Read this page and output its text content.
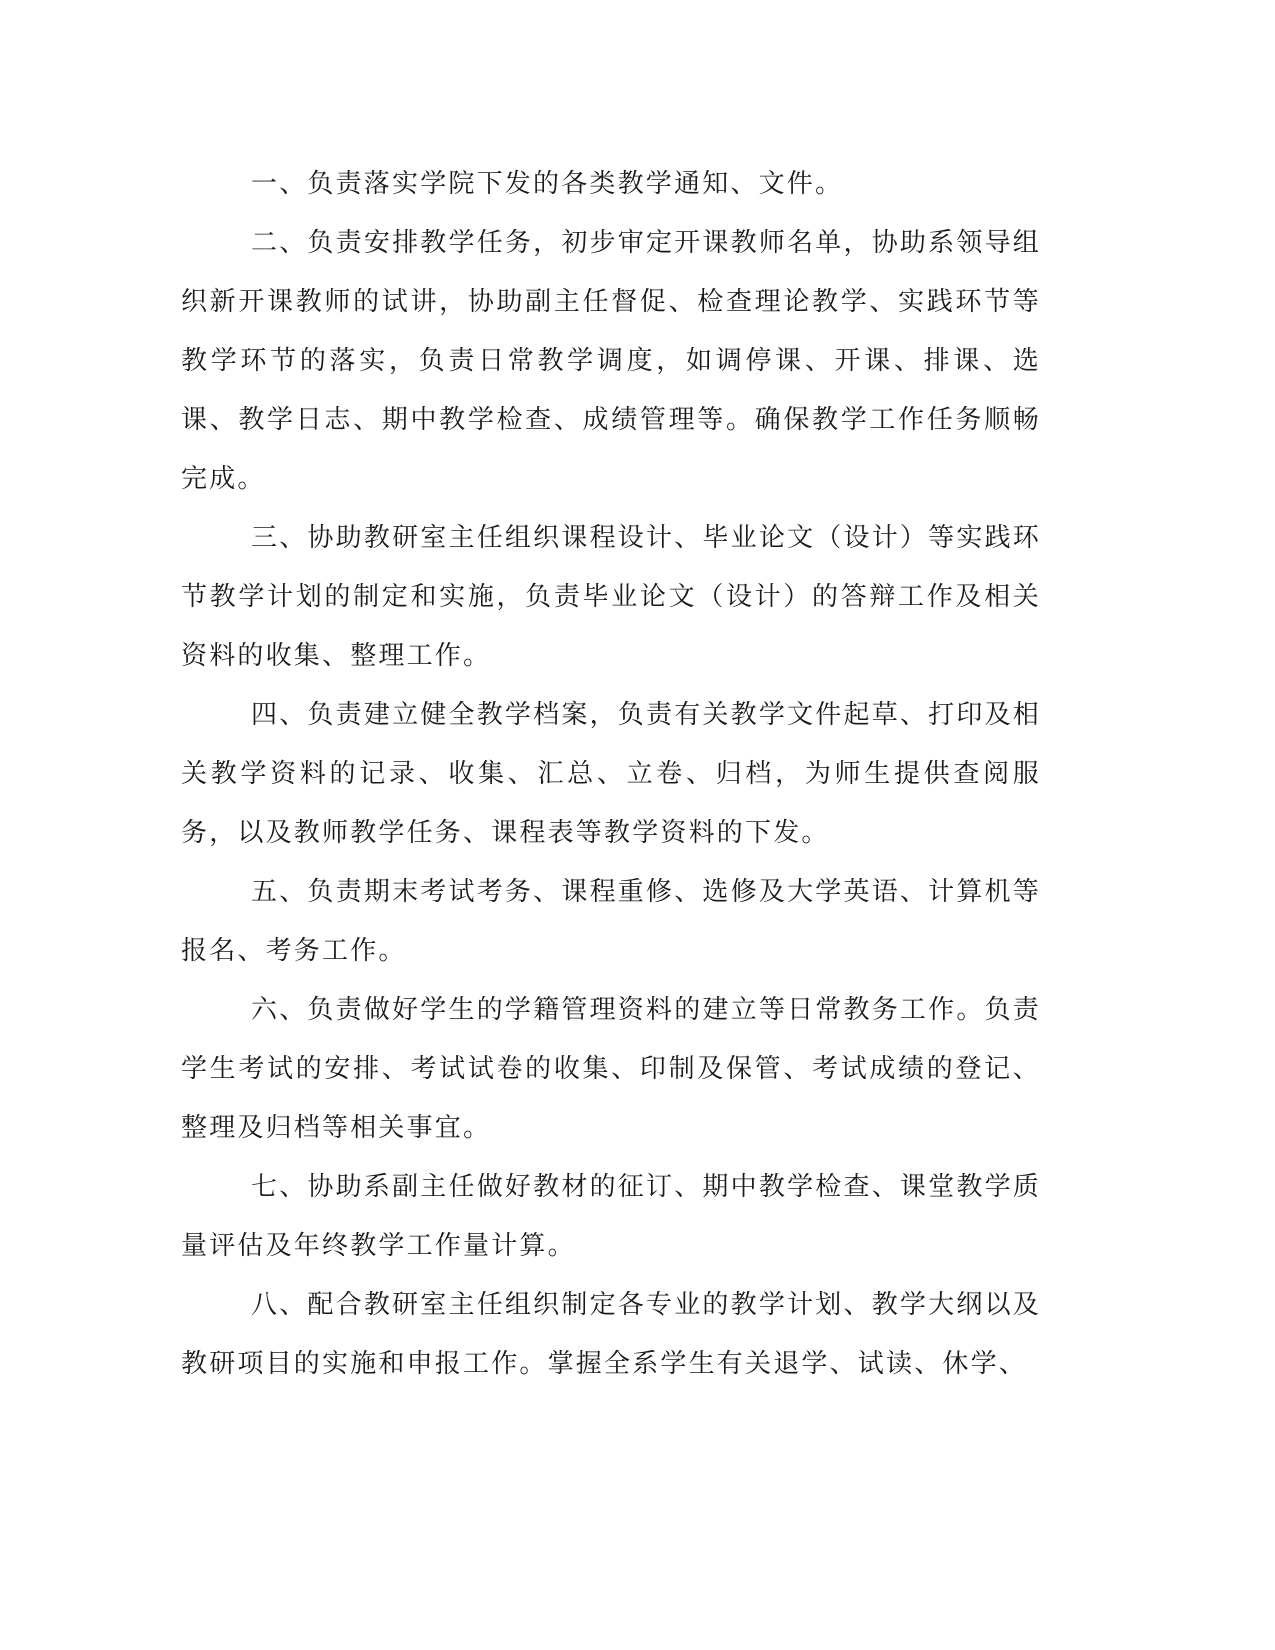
一、负责落实学院下发的各类教学通知、文件。

二、负责安排教学任务，初步审定开课教师名单，协助系领导组织新开课教师的试讲，协助副主任督促、检查理论教学、实践环节等教学环节的落实，负责日常教学调度，如调停课、开课、排课、选课、教学日志、期中教学检查、成绩管理等。确保教学工作任务顺畅完成。

三、协助教研室主任组织课程设计、毕业论文（设计）等实践环节教学计划的制定和实施，负责毕业论文（设计）的答辩工作及相关资料的收集、整理工作。

四、负责建立健全教学档案，负责有关教学文件起草、打印及相关教学资料的记录、收集、汇总、立卷、归档，为师生提供查阅服务，以及教师教学任务、课程表等教学资料的下发。

五、负责期末考试考务、课程重修、选修及大学英语、计算机等报名、考务工作。

六、负责做好学生的学籍管理资料的建立等日常教务工作。负责学生考试的安排、考试试卷的收集、印制及保管、考试成绩的登记、整理及归档等相关事宜。

七、协助系副主任做好教材的征订、期中教学检查、课堂教学质量评估及年终教学工作量计算。

八、配合教研室主任组织制定各专业的教学计划、教学大纲以及教研项目的实施和申报工作。掌握全系学生有关退学、试读、休学、
